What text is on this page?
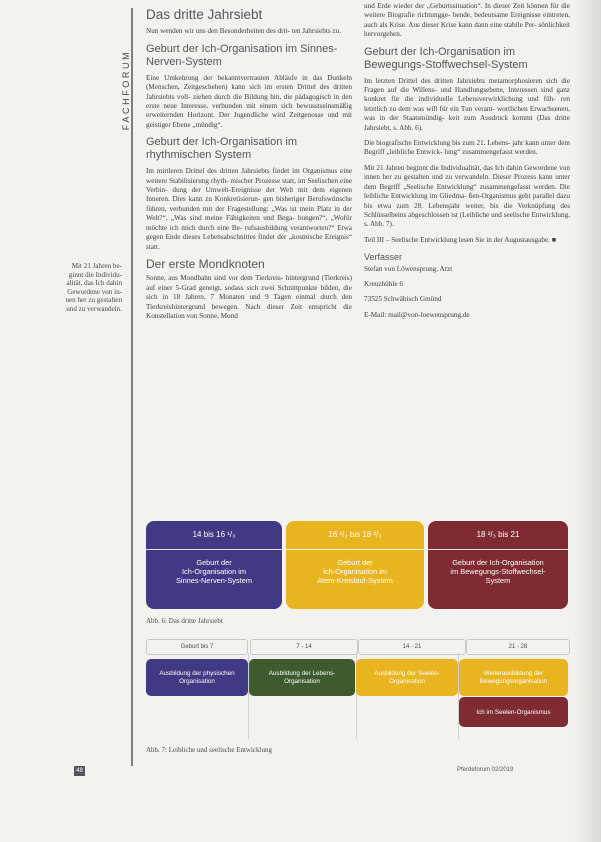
FACHFORUM

Mit 21 Jahren be-

ginnt die Individu-

alität, das Ich dahin

Gewordene von in-

nen her zu gestalten

und zu verwandeln.

Das dritte Jahrsiebt

Nun wenden wir uns den Besonderheiten des drit- ten Jahrsiebts zu.

Geburt der Ich-Organisation im Sinnes-Nerven-System

Eine Umkehrung der bekanntvertrauten Abläufe in das Dunkeln (Menschen, Zeitgeschehen) kann sich im ersten Drittel des dritten Jahrsiebts voll- ziehen durch die Bildung hin, die pädagogisch in den erste neue Interesse, verbunden mit einem sich bewusstseinsmäßig erweiternden Horizont. Der Jugendliche wird Zeitgenosse und mit geistiger Ebene „mündig“.

Geburt der Ich-Organisation im rhythmischen System

Im mittleren Drittel des dritten Jahrsiebts findet im Organismus eine weitere Stabilisierung rhyth- mischer Prozesse statt, im Seelischen eine Verbin- dung der Umwelt-Ereignisse der Welt mit dem eigenen Inneren. Dies kann zu Konkretisierun- gen bisheriger Berufswünsche führen, verbunden mit der Fragestellung: „Was ist mein Platz in der Welt?“, „Was sind meine Fähigkeiten und Bega- bungen?“, „Wofür möchte ich mich durch eine Be- rufsausbildung verantworten?“ Etwa gegen Ende dieses Lebensabschnittes findet der „kosmische Ereignis“ statt.

Der erste Mondknoten

Sonne, aus Mondbahn sind vor dem Tierkreis- hintergrund (Tierkreis) auf einer 5-Grad geneigt, sodass sich zwei Schnittpunkte bilden, die sich in 18 Jahren, 7 Monaten und 9 Tagen einmal durch den Tierkreishintergrund bewegen. Nach dieser Zeit entspricht die Konstellation von Sonne, Mond

und Erde wieder der „Geburtssituation“. In dieser Zeit können für die weitere Biografie richtungge- bende, bedeutsame Ereignisse eintreten, auch als Krise. Aus dieser Krise kann dann eine stabile Per- sönlichkeit hervorgehen.

Geburt der Ich-Organisation im Bewegungs-Stoffwechsel-System

Im letzten Drittel des dritten Jahrsiebts metamorphosieren sich die Fragen auf die Willens- und Handlungsebene, Interessen sind ganz konkret für die individuelle Lebensverwirklichung und füh- ren letztlich zu dem was will für ein Tun verant- wortlichen Erwachsenen, was in der Staatsmündig- keit zum Ausdruck kommt (Das dritte Jahrsiebt, s. Abb. 6).

Die biografische Entwicklung bis zum 21. Lebens- jahr kann unter dem Begriff „leibliche Entwick- lung“ zusammengefasst werden.

Mit 21 Jahren beginnt die Individualität, das Ich dahin Gewordene von innen her zu gestalten und zu verwandeln. Dieser Prozess kann unter dem Begriff „Seelische Entwicklung“ zusammengefasst werden. Die leibliche Entwicklung im Gliedma- ßen-Organismus geht parallel dazu bis etwa zum 28. Lebensjahr weiter, bis die Verknüpfung des Schlüsselbeins abgeschlossen ist (Leibliche und seelische Entwicklung, s. Abb. 7).

Teil III – Seelische Entwicklung lesen Sie in der Augustausgabe. ■

Verfasser

Stefan von Löwensprung, Arzt

Kreuzhühle 6

73525 Schwäbisch Gmünd

E-Mail: mail@von-loewensprung.de

14 bis 16 ¹/₃
Geburt der
Ich-Organisation im
Sinnes-Nerven-System
16 ¹/₃ bis 18 ²/₃
Geburt der
Ich-Organisation im
Atem-Kreislauf-System
18 ²/₃ bis 21
Geburt der Ich-Organisation
im Bewegungs-Stoffwechsel-
System
Abb. 6: Das dritte Jahrsiebt
Geburt bis 7	7 - 14	14 - 21	21 - 28
Ausbildung der physischen
Organisation
Ausbildung der Lebens-
Organisation
Ausbildung der Seelen-
Organisation
Weiterausbildung der
Bewegungsorganisation
Ich im Seelen-Organismus
Abb. 7: Leibliche und seelische Entwicklung
48	Pferdeforum 02/2019
